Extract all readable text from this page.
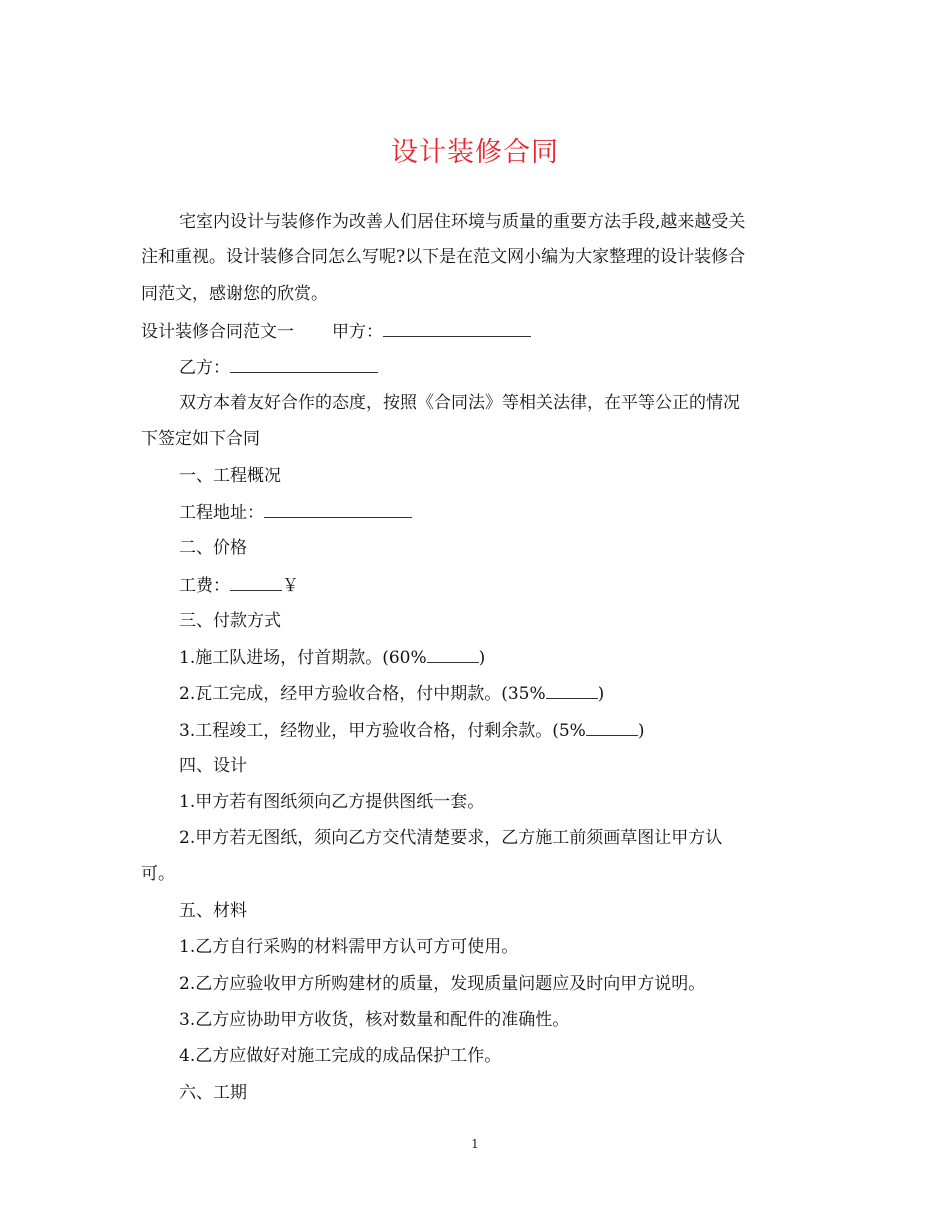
设计装修合同

宅室内设计与装修作为改善人们居住环境与质量的重要方法手段,越来越受关

注和重视。设计装修合同怎么写呢?以下是在范文网小编为大家整理的设计装修合

同范文，感谢您的欣赏。

设计装修合同范文一 甲方：

乙方：

双方本着友好合作的态度，按照《合同法》等相关法律，在平等公正的情况

下签定如下合同

一、工程概况

工程地址：

二、价格

工费：	￥

三、付款方式

1.施工队进场，付首期款。(60%	)

2.瓦工完成，经甲方验收合格，付中期款。(35%	)

3.工程竣工，经物业，甲方验收合格，付剩余款。(5%	)

四、设计

1.甲方若有图纸须向乙方提供图纸一套。

2.甲方若无图纸，须向乙方交代清楚要求，乙方施工前须画草图让甲方认

可。

五、材料

1.乙方自行采购的材料需甲方认可方可使用。

2.乙方应验收甲方所购建材的质量，发现质量问题应及时向甲方说明。

3.乙方应协助甲方收货，核对数量和配件的准确性。

4.乙方应做好对施工完成的成品保护工作。

六、工期

1
